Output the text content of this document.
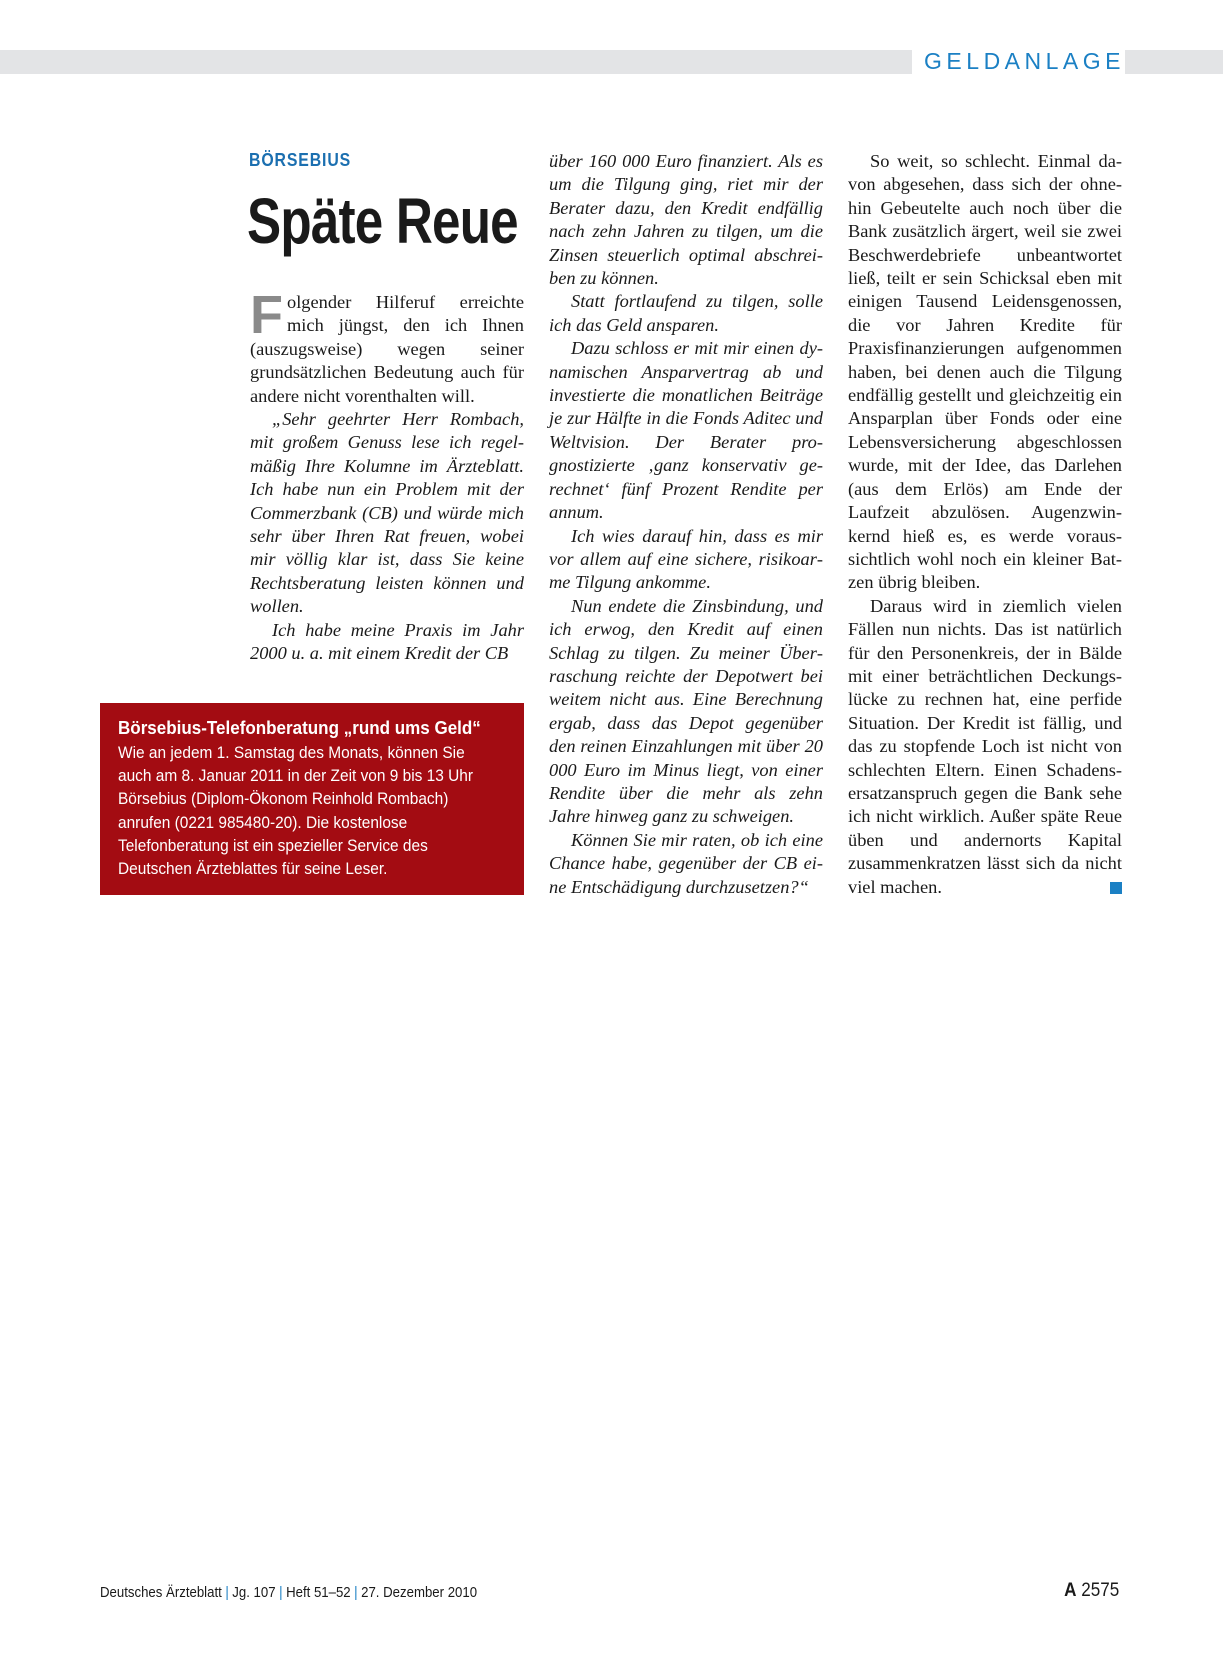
GELDANLAGE
BÖRSEBIUS
Späte Reue

Folgender Hilferuf erreichte mich jüngst, den ich Ihnen (auszugsweise) wegen seiner grundsätzlichen Bedeutung auch für andere nicht vorenthalten will.

„Sehr geehrter Herr Rombach, mit großem Genuss lese ich regelmäßig Ihre Kolumne im Ärzteblatt. Ich habe nun ein Problem mit der Commerzbank (CB) und würde mich sehr über Ihren Rat freuen, wobei mir völlig klar ist, dass Sie keine Rechtsberatung leisten können und wollen.

Ich habe meine Praxis im Jahr 2000 u. a. mit einem Kredit der CB

über 160 000 Euro finanziert. Als es um die Tilgung ging, riet mir der Berater dazu, den Kredit endfällig nach zehn Jahren zu tilgen, um die Zinsen steuerlich optimal abschreiben zu können.

Statt fortlaufend zu tilgen, solle ich das Geld ansparen.

Dazu schloss er mit mir einen dynamischen Ansparvertrag ab und investierte die monatlichen Beiträge je zur Hälfte in die Fonds Aditec und Weltvision. Der Berater prognostizierte ‚ganz konservativ gerechnet‘ fünf Prozent Rendite per annum.

Ich wies darauf hin, dass es mir vor allem auf eine sichere, risikoarme Tilgung ankomme.

Nun endete die Zinsbindung, und ich erwog, den Kredit auf einen Schlag zu tilgen. Zu meiner Überraschung reichte der Depotwert bei weitem nicht aus. Eine Berechnung ergab, dass das Depot gegenüber den reinen Einzahlungen mit über 20 000 Euro im Minus liegt, von einer Rendite über die mehr als zehn Jahre hinweg ganz zu schweigen.

Können Sie mir raten, ob ich eine Chance habe, gegenüber der CB eine Entschädigung durchzusetzen?“

So weit, so schlecht. Einmal davon abgesehen, dass sich der ohnehin Gebeutelte auch noch über die Bank zusätzlich ärgert, weil sie zwei Beschwerdebriefe unbeantwortet ließ, teilt er sein Schicksal eben mit einigen Tausend Leidensgenossen, die vor Jahren Kredite für Praxisfinanzierungen aufgenommen haben, bei denen auch die Tilgung endfällig gestellt und gleichzeitig ein Ansparplan über Fonds oder eine Lebensversicherung abgeschlossen wurde, mit der Idee, das Darlehen (aus dem Erlös) am Ende der Laufzeit abzulösen. Augenzwinkernd hieß es, es werde voraussichtlich wohl noch ein kleiner Batzen übrig bleiben.

Daraus wird in ziemlich vielen Fällen nun nichts. Das ist natürlich für den Personenkreis, der in Bälde mit einer beträchtlichen Deckungslücke zu rechnen hat, eine perfide Situation. Der Kredit ist fällig, und das zu stopfende Loch ist nicht von schlechten Eltern. Einen Schadensersatzanspruch gegen die Bank sehe ich nicht wirklich. Außer späte Reue üben und andernorts Kapital zusammenkratzen lässt sich da nicht viel machen.

Börsebius-Telefonberatung „rund ums Geld“
Wie an jedem 1. Samstag des Monats, können Sie
auch am 8. Januar 2011 in der Zeit von 9 bis 13 Uhr
Börsebius (Diplom-Ökonom Reinhold Rombach)
anrufen (0221 985480-20). Die kostenlose
Telefonberatung ist ein spezieller Service des
Deutschen Ärzteblattes für seine Leser.
Deutsches Ärzteblatt | Jg. 107 | Heft 51–52 | 27. Dezember 2010	A 2575
